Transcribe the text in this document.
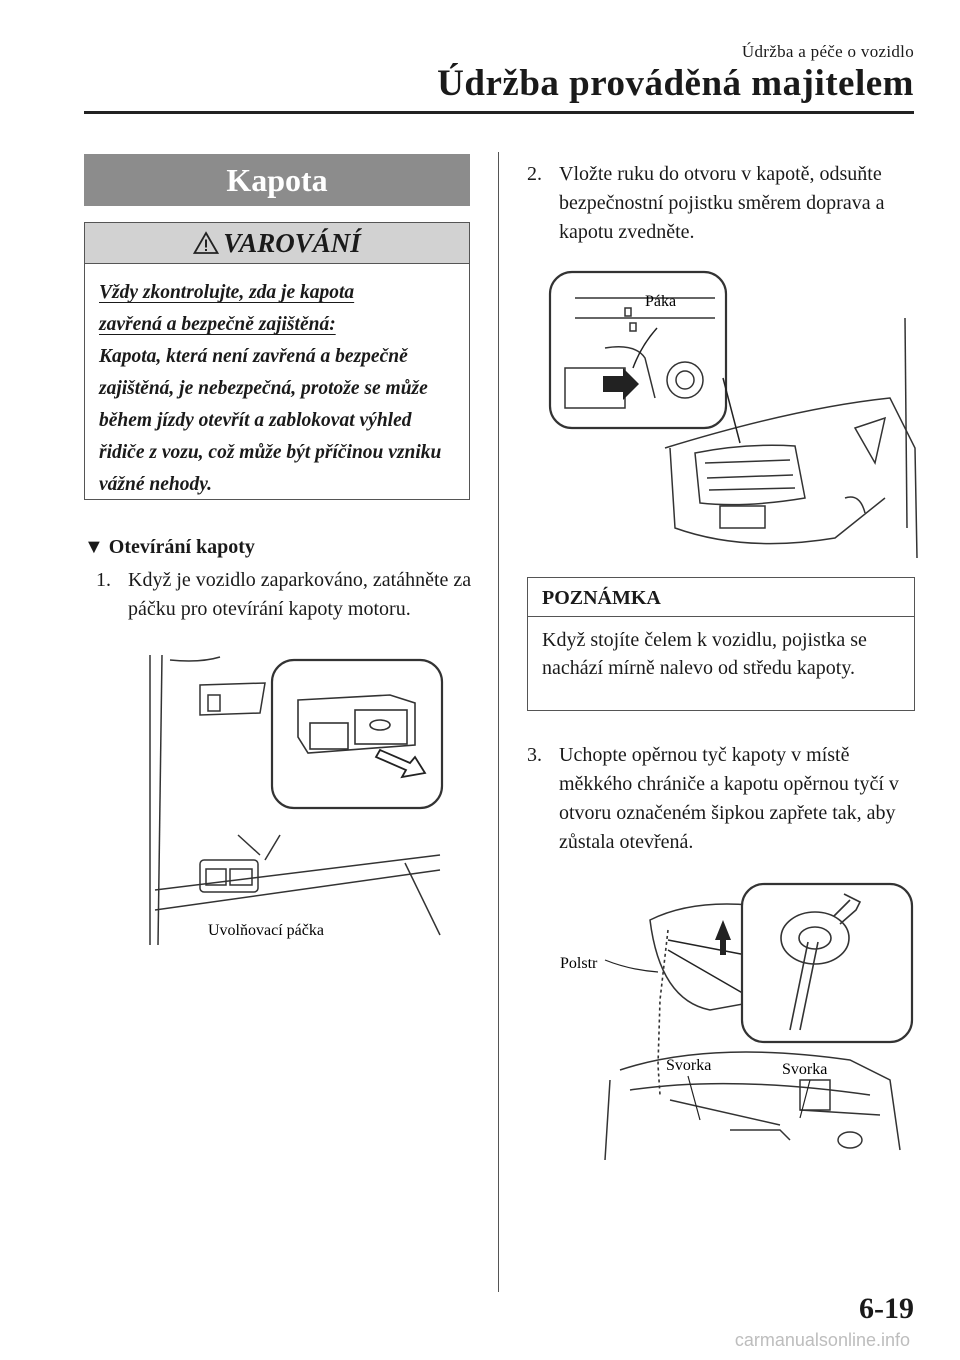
Údržba a péče o vozidlo
Údržba prováděná majitelem
Kapota
VAROVÁNÍ
Vždy zkontrolujte, zda je kapota
zavřená a bezpečně zajištěná:
Kapota, která není zavřená a bezpečně zajištěná, je nebezpečná, protože se může během jízdy otevřít a zablokovat výhled řidiče z vozu, což může být příčinou vzniku vážné nehody.
▼ Otevírání kapoty
1. Když je vozidlo zaparkováno, zatáhněte za páčku pro otevírání kapoty motoru.
Uvolňovací páčka
2. Vložte ruku do otvoru v kapotě, odsuňte bezpečnostní pojistku směrem doprava a kapotu zvedněte.
Páka
POZNÁMKA
Když stojíte čelem k vozidlu, pojistka se nachází mírně nalevo od středu kapoty.
3. Uchopte opěrnou tyč kapoty v místě měkkého chrániče a kapotu opěrnou tyčí v otvoru označeném šipkou zapřete tak, aby zůstala otevřená.
Polstr
Svorka	Svorka
6-19
carmanualsonline.info
